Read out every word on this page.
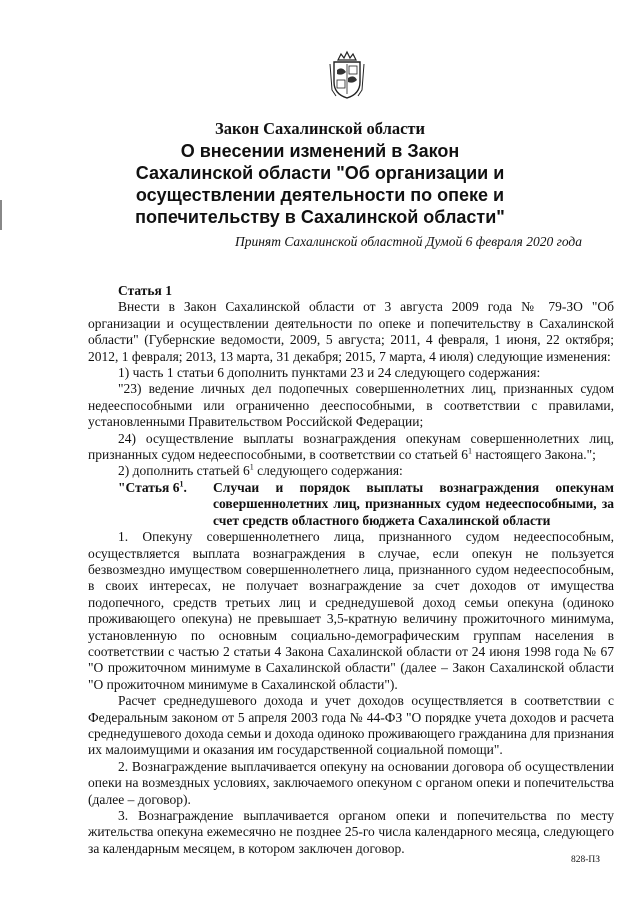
Закон Сахалинской области
О внесении изменений в Закон Сахалинской области "Об организации и осуществлении деятельности по опеке и попечительству в Сахалинской области"
Принят Сахалинской областной Думой 6 февраля 2020 года

Статья 1

Внести в Закон Сахалинской области от 3 августа 2009 года № 79-ЗО "Об организации и осуществлении деятельности по опеке и попечительству в Сахалинской области" (Губернские ведомости, 2009, 5 августа; 2011, 4 февраля, 1 июня, 22 октября; 2012, 1 февраля; 2013, 13 марта, 31 декабря; 2015, 7 марта, 4 июля) следующие изменения:

1) часть 1 статьи 6 дополнить пунктами 23 и 24 следующего содержания:

"23) ведение личных дел подопечных совершеннолетних лиц, признанных судом недееспособными или ограниченно дееспособными, в соответствии с правилами, установленными Правительством Российской Федерации;

24) осуществление выплаты вознаграждения опекунам совершеннолетних лиц, признанных судом недееспособными, в соответствии со статьей $6^1$ настоящего Закона.";

2) дополнить статьей $6^1$ следующего содержания:

"Статья $6^1$.	Случаи и порядок выплаты вознаграждения опекунам совершеннолетних лиц, признанных судом недееспособными, за счет средств областного бюджета Сахалинской области

1. Опекуну совершеннолетнего лица, признанного судом недееспособным, осуществляется выплата вознаграждения в случае, если опекун не пользуется безвозмездно имуществом совершеннолетнего лица, признанного судом недееспособным, в своих интересах, не получает вознаграждение за счет доходов от имущества подопечного, средств третьих лиц и среднедушевой доход семьи опекуна (одиноко проживающего опекуна) не превышает 3,5-кратную величину прожиточного минимума, установленную по основным социально-демографическим группам населения в соответствии с частью 2 статьи 4 Закона Сахалинской области от 24 июня 1998 года № 67 "О прожиточном минимуме в Сахалинской области" (далее – Закон Сахалинской области "О прожиточном минимуме в Сахалинской области").

Расчет среднедушевого дохода и учет доходов осуществляется в соответствии с Федеральным законом от 5 апреля 2003 года № 44-ФЗ "О порядке учета доходов и расчета среднедушевого дохода семьи и дохода одиноко проживающего гражданина для признания их малоимущими и оказания им государственной социальной помощи".

2. Вознаграждение выплачивается опекуну на основании договора об осуществлении опеки на возмездных условиях, заключаемого опекуном с органом опеки и попечительства (далее – договор).

3. Вознаграждение выплачивается органом опеки и попечительства по месту жительства опекуна ежемесячно не позднее 25-го числа календарного месяца, следующего за календарным месяцем, в котором заключен договор.

828-ПЗ
